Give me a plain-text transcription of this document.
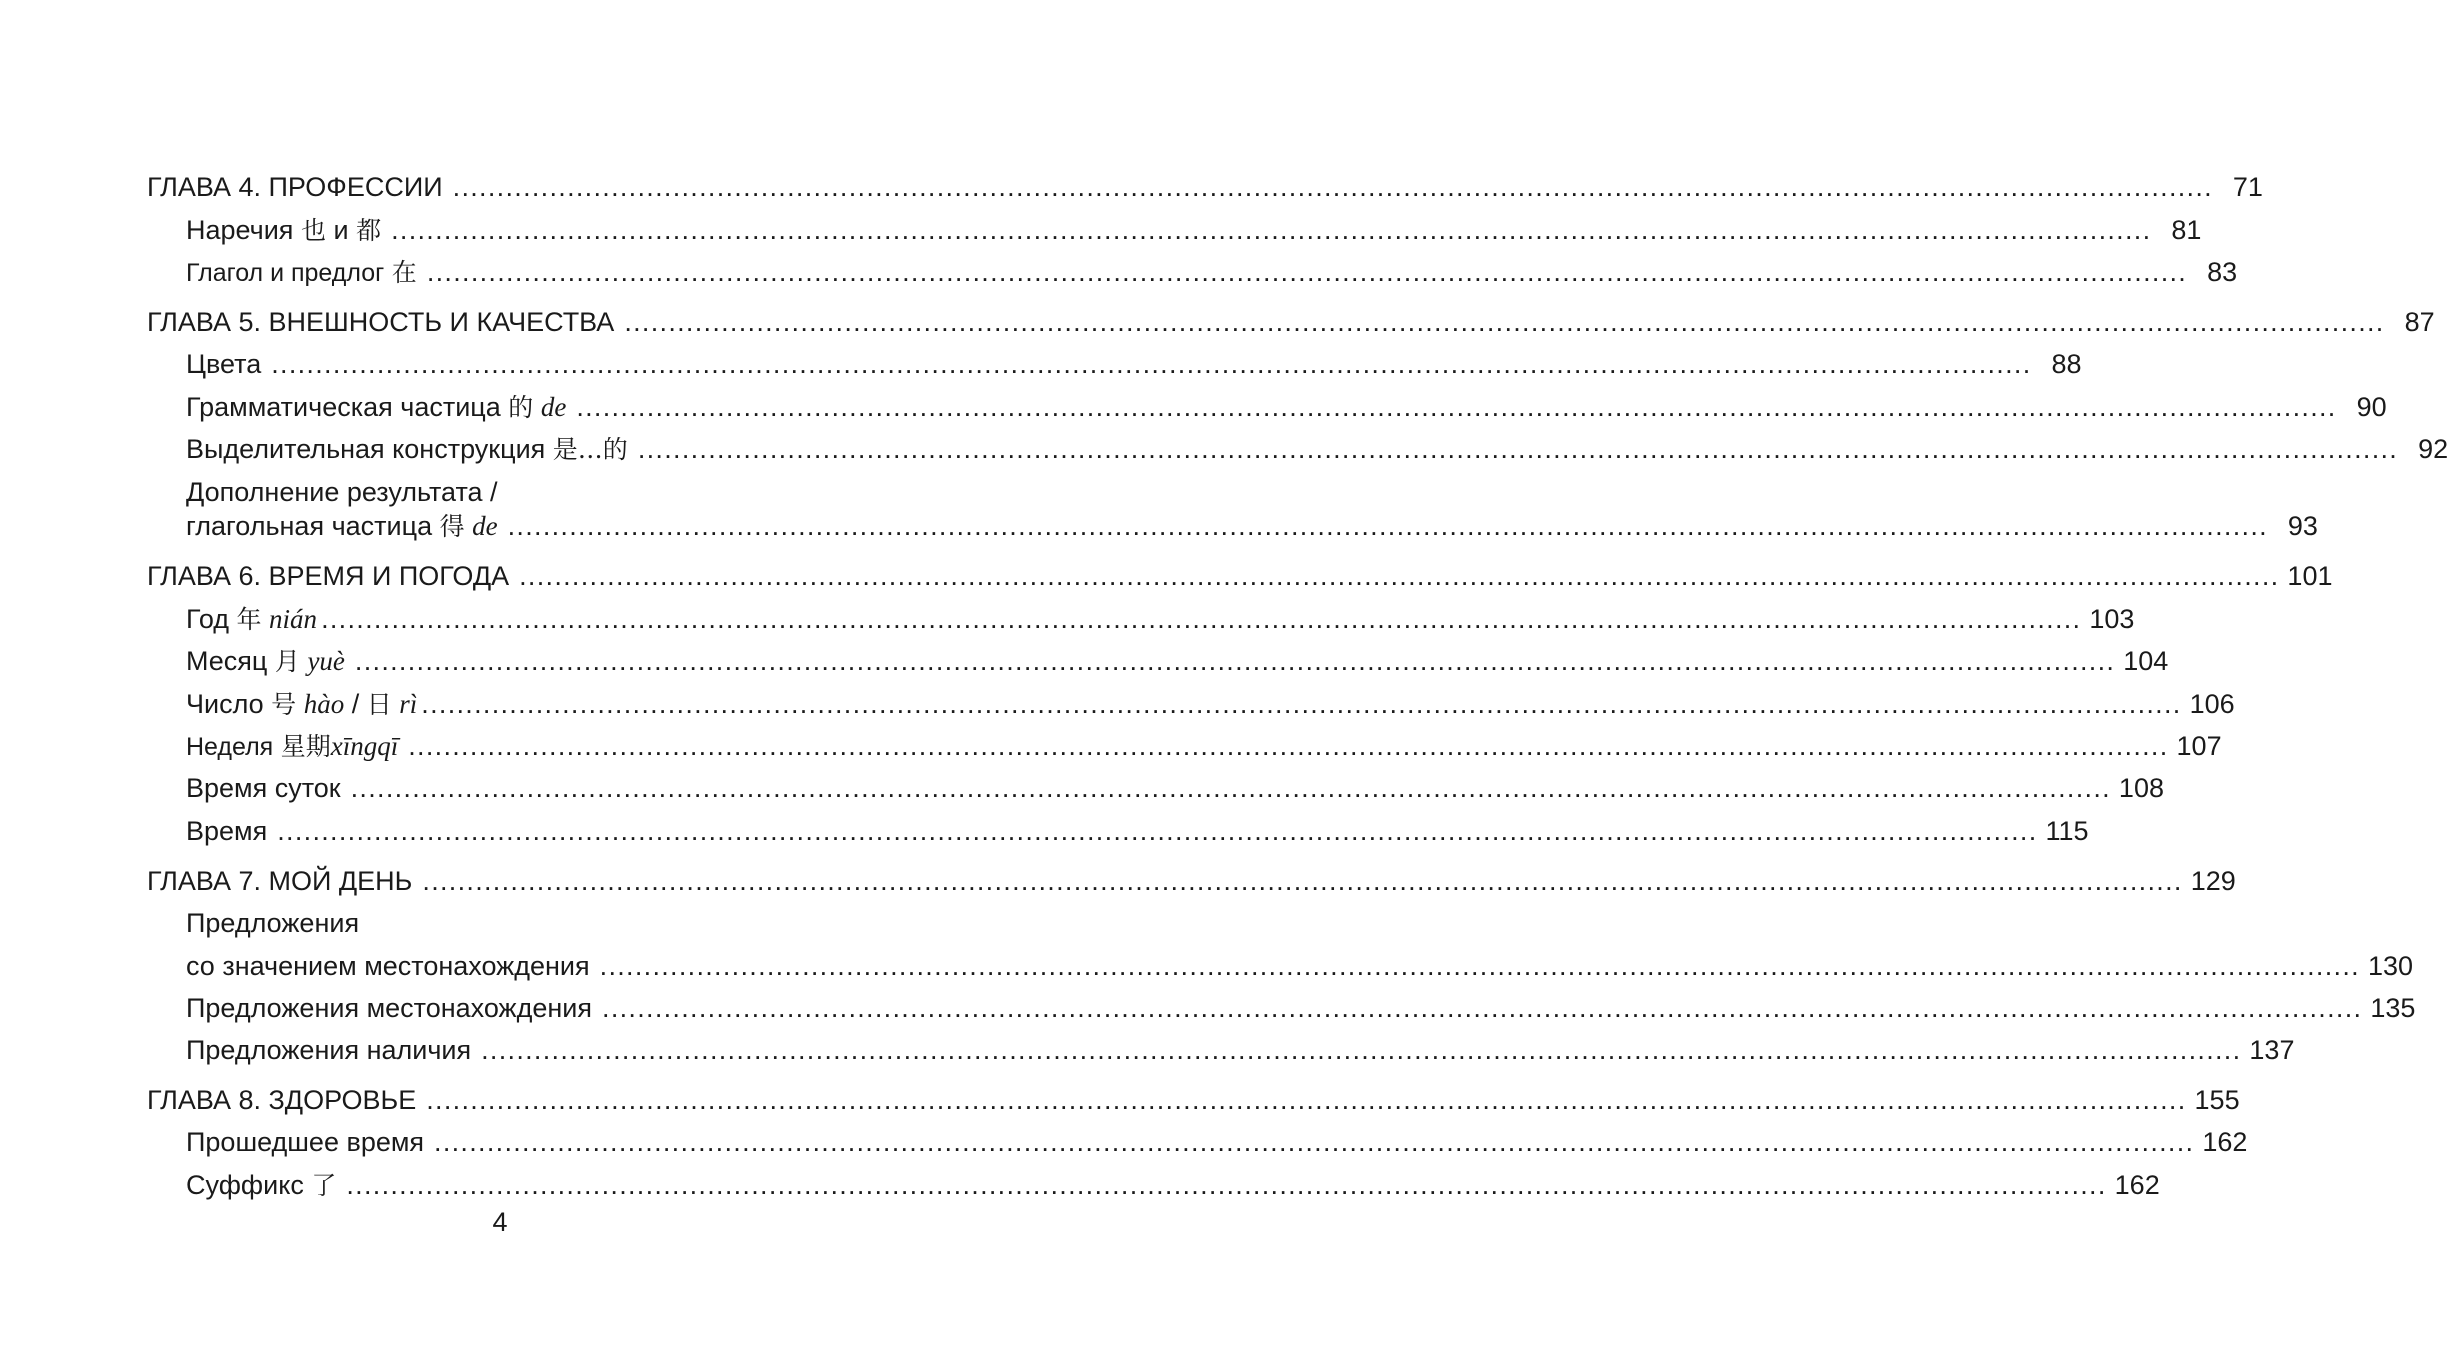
ГЛАВА 4. ПРОФЕССИИ ........................................................................................................................................................................................................ 71
Наречия 也 и 都 ........................................................................................................................................................................................................ 81
Глагол и предлог 在 ........................................................................................................................................................................................................ 83
ГЛАВА 5. ВНЕШНОСТЬ И КАЧЕСТВА ........................................................................................................................................................................................................ 87
Цвета ........................................................................................................................................................................................................ 88
Грамматическая частица 的 de ........................................................................................................................................................................................................ 90
Выделительная конструкция 是…的 ........................................................................................................................................................................................................ 92
Дополнение результата /
глагольная частица 得 de ........................................................................................................................................................................................................ 93
ГЛАВА 6. ВРЕМЯ И ПОГОДА ........................................................................................................................................................................................................ 101
Год 年 nián ........................................................................................................................................................................................................ 103
Месяц 月 yuè ........................................................................................................................................................................................................ 104
Число 号 hào / 日 rì ........................................................................................................................................................................................................ 106
Неделя 星期xīngqī ........................................................................................................................................................................................................ 107
Время суток ........................................................................................................................................................................................................ 108
Время ........................................................................................................................................................................................................ 115
ГЛАВА 7. МОЙ ДЕНЬ ........................................................................................................................................................................................................ 129
Предложения
со значением местонахождения ........................................................................................................................................................................................................ 130
Предложения местонахождения ........................................................................................................................................................................................................ 135
Предложения наличия ........................................................................................................................................................................................................ 137
ГЛАВА 8. ЗДОРОВЬЕ ........................................................................................................................................................................................................ 155
Прошедшее время ........................................................................................................................................................................................................ 162
Суффикс 了 ........................................................................................................................................................................................................ 162
4
